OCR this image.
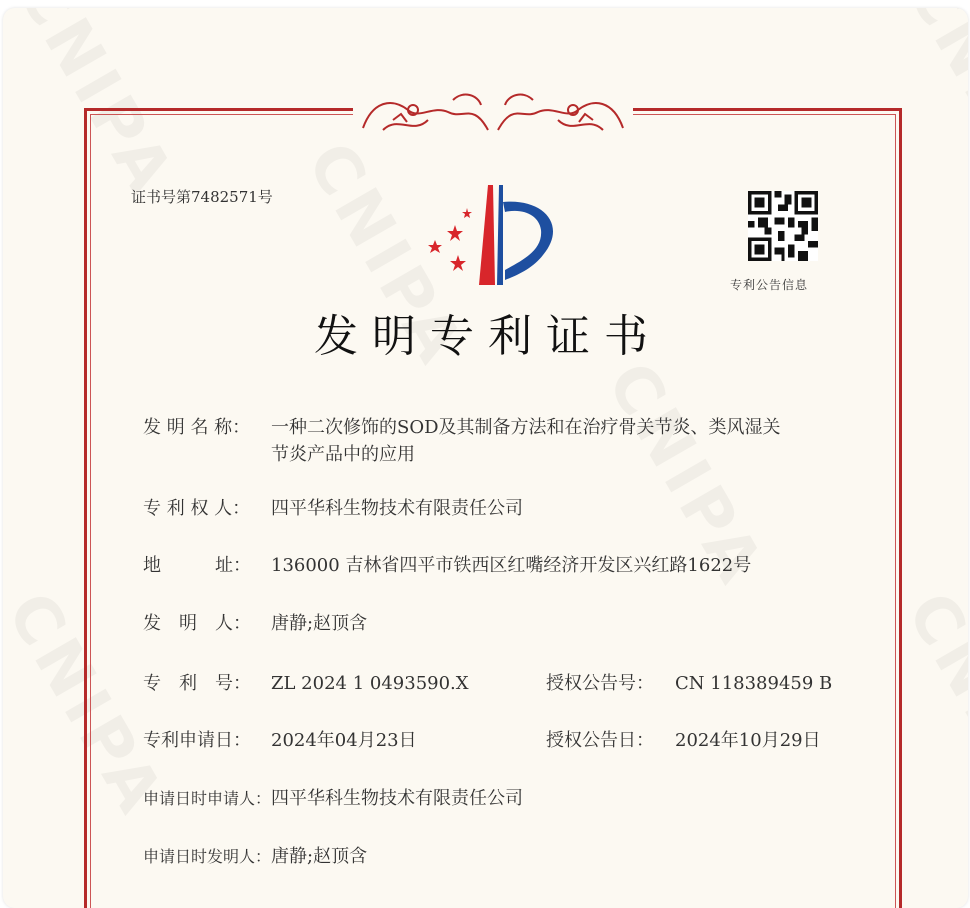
证书号第7482571号
专利公告信息
发明专利证书
发 明 名 称：	一种二次修饰的SOD及其制备方法和在治疗骨关节炎、类风湿关节炎产品中的应用
专 利 权 人：	四平华科生物技术有限责任公司
地　　　址：	136000 吉林省四平市铁西区红嘴经济开发区兴红路1622号
发　明　人：	唐静;赵顶含
专　利　号：	ZL 2024 1 0493590.X	授权公告号： CN 118389459 B
专利申请日：	2024年04月23日	授权公告日： 2024年10月29日
申请日时申请人： 四平华科生物技术有限责任公司
申请日时发明人： 唐静;赵顶含
